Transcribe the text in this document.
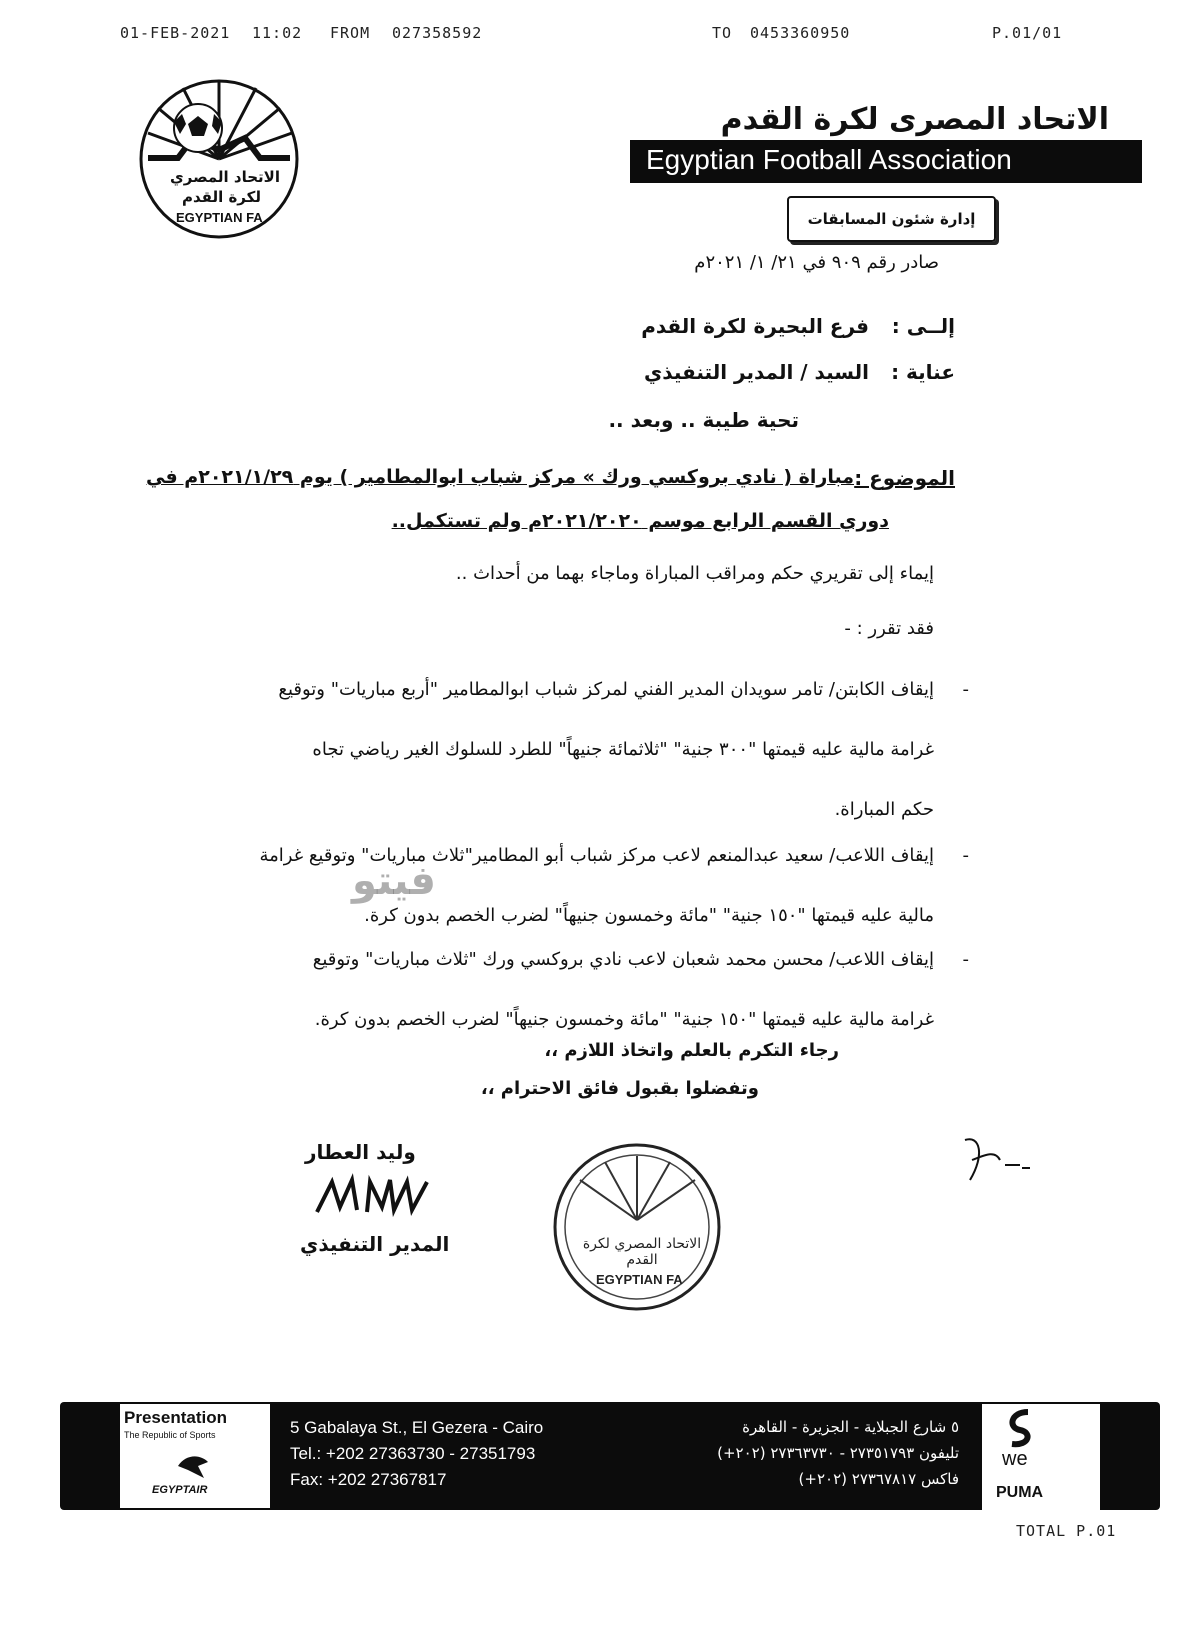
01-FEB-2021 11:02 FROM 027358592	TO 0453360950	P.01/01
الاتحاد المصري
لكرة القدم
EGYPTIAN FA
الاتحاد المصرى لكرة القدم
Egyptian Football Association
إدارة شئون المسابقات
صادر رقم ٩٠٩ في ٢١/ ١/ ٢٠٢١م
إلــى :
فرع البحيرة لكرة القدم
عناية :
السيد / المدير التنفيذي
تحية طيبة .. وبعد ..
الموضوع :
مباراة ( نادي بروكسي ورك » مركز شباب ابوالمطامير ) يوم ٢٠٢١/١/٢٩م في
دوري القسم الرابع موسم ٢٠٢١/٢٠٢٠م ولم تستكمل..
إيماء إلى تقريري حكم ومراقب المباراة وماجاء بهما من أحداث ..
فقد تقرر : -
-
إيقاف الكابتن/ تامر سويدان المدير الفني لمركز شباب ابوالمطامير "أربع مباريات" وتوقيع
غرامة مالية عليه قيمتها "٣٠٠ جنية" "ثلاثمائة جنيهاً" للطرد للسلوك الغير رياضي تجاه
حكم المباراة.
-
إيقاف اللاعب/ سعيد عبدالمنعم لاعب مركز شباب أبو المطامير"ثلاث مباريات" وتوقيع غرامة
مالية عليه قيمتها "١٥٠ جنية" "مائة وخمسون جنيهاً" لضرب الخصم بدون كرة.
-
إيقاف اللاعب/ محسن محمد شعبان لاعب نادي بروكسي ورك "ثلاث مباريات" وتوقيع
غرامة مالية عليه قيمتها "١٥٠ جنية" "مائة وخمسون جنيهاً" لضرب الخصم بدون كرة.
فيتو
رجاء التكرم بالعلم واتخاذ اللازم ،،
وتفضلوا بقبول فائق الاحترام ،،
وليد العطار
المدير التنفيذي	الاتحاد المصري لكرة القدم
EGYPTIAN FA
Presentation
The Republic of Sports
EGYPTAIR
5 Gabalaya St., El Gezera - Cairo
Tel.: +202 27363730 - 27351793
Fax: +202 27367817
٥ شارع الجبلاية - الجزيرة - القاهرة
تليفون ٢٧٣٥١٧٩٣ - ٢٧٣٦٣٧٣٠ (٢٠٢+)
فاكس ٢٧٣٦٧٨١٧ (٢٠٢+)
we
PUMA
TOTAL P.01
